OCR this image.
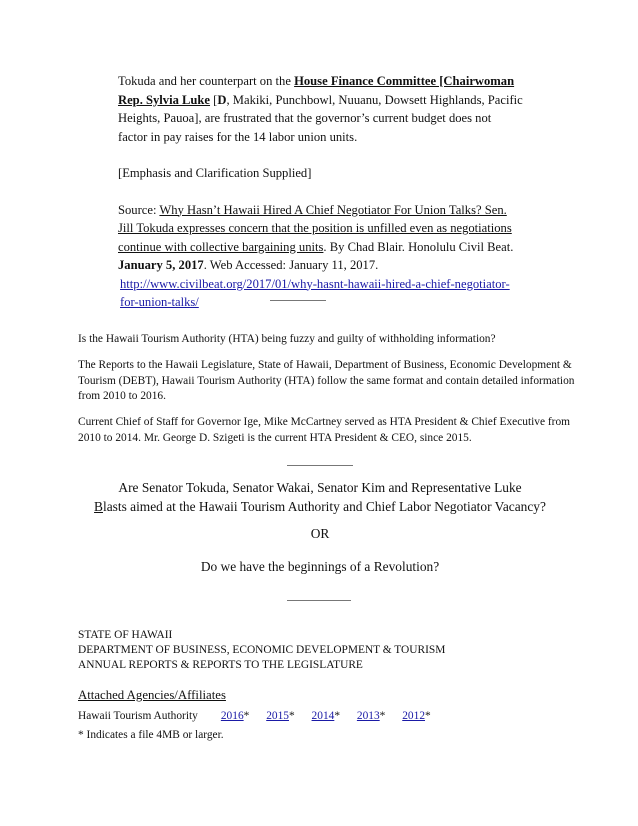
Tokuda and her counterpart on the House Finance Committee [Chairwoman Rep. Sylvia Luke [D, Makiki, Punchbowl, Nuuanu, Dowsett Highlands, Pacific Heights, Pauoa], are frustrated that the governor’s current budget does not factor in pay raises for the 14 labor union units.

[Emphasis and Clarification Supplied]

Source: Why Hasn’t Hawaii Hired A Chief Negotiator For Union Talks? Sen. Jill Tokuda expresses concern that the position is unfilled even as negotiations continue with collective bargaining units. By Chad Blair. Honolulu Civil Beat. January 5, 2017. Web Accessed: January 11, 2017.

http://www.civilbeat.org/2017/01/why-hasnt-hawaii-hired-a-chief-negotiator-for-union-talks/

Is the Hawaii Tourism Authority (HTA) being fuzzy and guilty of withholding information?

The Reports to the Hawaii Legislature, State of Hawaii, Department of Business, Economic Development & Tourism (DEBT), Hawaii Tourism Authority (HTA) follow the same format and contain detailed information from 2010 to 2016.

Current Chief of Staff for Governor Ige, Mike McCartney served as HTA President & Chief Executive from 2010 to 2014. Mr. George D. Szigeti is the current HTA President & CEO, since 2015.

Are Senator Tokuda, Senator Wakai, Senator Kim and Representative Luke
Blasts aimed at the Hawaii Tourism Authority and Chief Labor Negotiator Vacancy?
OR
Do we have the beginnings of a Revolution?
STATE OF HAWAII
DEPARTMENT OF BUSINESS, ECONOMIC DEVELOPMENT & TOURISM
ANNUAL REPORTS & REPORTS TO THE LEGISLATURE
Attached Agencies/Affiliates
Hawaii Tourism Authority 2016* 2015* 2014* 2013* 2012*
* Indicates a file 4MB or larger.
